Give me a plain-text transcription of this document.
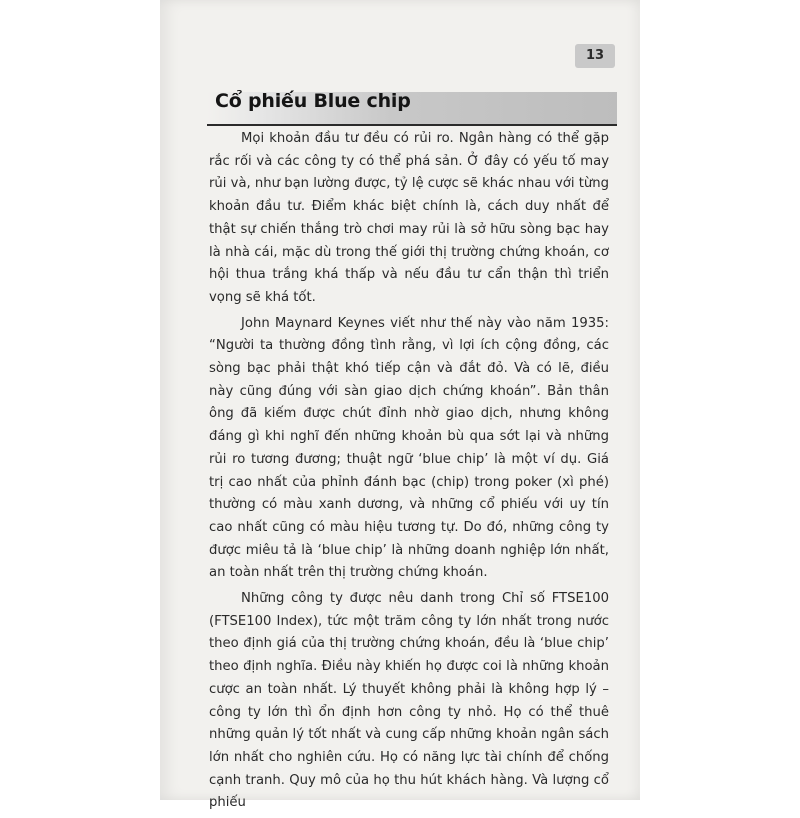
13
Cổ phiếu Blue chip

Mọi khoản đầu tư đều có rủi ro. Ngân hàng có thể gặp rắc rối và các công ty có thể phá sản. Ở đây có yếu tố may rủi và, như bạn lường được, tỷ lệ cược sẽ khác nhau với từng khoản đầu tư. Điểm khác biệt chính là, cách duy nhất để thật sự chiến thắng trò chơi may rủi là sở hữu sòng bạc hay là nhà cái, mặc dù trong thế giới thị trường chứng khoán, cơ hội thua trắng khá thấp và nếu đầu tư cẩn thận thì triển vọng sẽ khá tốt.

John Maynard Keynes viết như thế này vào năm 1935: “Người ta thường đồng tình rằng, vì lợi ích cộng đồng, các sòng bạc phải thật khó tiếp cận và đắt đỏ. Và có lẽ, điều này cũng đúng với sàn giao dịch chứng khoán”. Bản thân ông đã kiếm được chút đỉnh nhờ giao dịch, nhưng không đáng gì khi nghĩ đến những khoản bù qua sớt lại và những rủi ro tương đương; thuật ngữ ‘blue chip’ là một ví dụ. Giá trị cao nhất của phỉnh đánh bạc (chip) trong poker (xì phé) thường có màu xanh dương, và những cổ phiếu với uy tín cao nhất cũng có màu hiệu tương tự. Do đó, những công ty được miêu tả là ‘blue chip’ là những doanh nghiệp lớn nhất, an toàn nhất trên thị trường chứng khoán.

Những công ty được nêu danh trong Chỉ số FTSE100 (FTSE100 Index), tức một trăm công ty lớn nhất trong nước theo định giá của thị trường chứng khoán, đều là ‘blue chip’ theo định nghĩa. Điều này khiến họ được coi là những khoản cược an toàn nhất. Lý thuyết không phải là không hợp lý – công ty lớn thì ổn định hơn công ty nhỏ. Họ có thể thuê những quản lý tốt nhất và cung cấp những khoản ngân sách lớn nhất cho nghiên cứu. Họ có năng lực tài chính để chống cạnh tranh. Quy mô của họ thu hút khách hàng. Và lượng cổ phiếu
